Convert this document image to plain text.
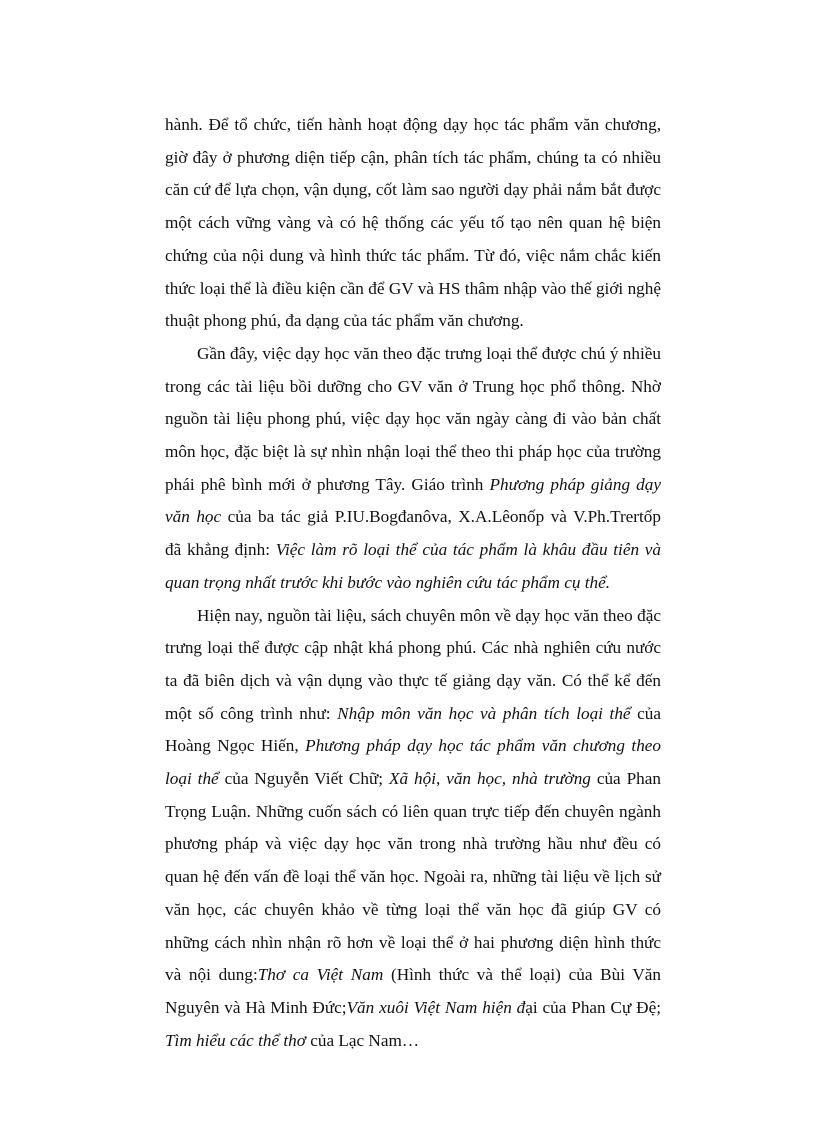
hành. Để tổ chức, tiến hành hoạt động dạy học tác phẩm văn chương, giờ đây ở phương diện tiếp cận, phân tích tác phẩm, chúng ta có nhiều căn cứ để lựa chọn, vận dụng, cốt làm sao người dạy phải nắm bắt được một cách vững vàng và có hệ thống các yếu tố tạo nên quan hệ biện chứng của nội dung và hình thức tác phẩm. Từ đó, việc nắm chắc kiến thức loại thể là điều kiện cần để GV và HS thâm nhập vào thế giới nghệ thuật phong phú, đa dạng của tác phẩm văn chương.

Gần đây, việc dạy học văn theo đặc trưng loại thể được chú ý nhiều trong các tài liệu bồi dưỡng cho GV văn ở Trung học phổ thông. Nhờ nguồn tài liệu phong phú, việc dạy học văn ngày càng đi vào bản chất môn học, đặc biệt là sự nhìn nhận loại thể theo thi pháp học của trường phái phê bình mới ở phương Tây. Giáo trình Phương pháp giảng dạy văn học của ba tác giả P.IU.Bogđanôva, X.A.Lêonốp và V.Ph.Trertốp đã khẳng định: Việc làm rõ loại thể của tác phẩm là khâu đầu tiên và quan trọng nhất trước khi bước vào nghiên cứu tác phẩm cụ thể.

Hiện nay, nguồn tài liệu, sách chuyên môn về dạy học văn theo đặc trưng loại thể được cập nhật khá phong phú. Các nhà nghiên cứu nước ta đã biên dịch và vận dụng vào thực tế giảng dạy văn. Có thể kể đến một số công trình như: Nhập môn văn học và phân tích loại thể của Hoàng Ngọc Hiến, Phương pháp dạy học tác phẩm văn chương theo loại thể của Nguyễn Viết Chữ; Xã hội, văn học, nhà trường của Phan Trọng Luận. Những cuốn sách có liên quan trực tiếp đến chuyên ngành phương pháp và việc dạy học văn trong nhà trường hầu như đều có quan hệ đến vấn đề loại thể văn học. Ngoài ra, những tài liệu về lịch sử văn học, các chuyên khảo về từng loại thể văn học đã giúp GV có những cách nhìn nhận rõ hơn về loại thể ở hai phương diện hình thức và nội dung:Thơ ca Việt Nam (Hình thức và thể loại) của Bùi Văn Nguyên và Hà Minh Đức;Văn xuôi Việt Nam hiện đại của Phan Cự Đệ; Tìm hiểu các thể thơ của Lạc Nam…
